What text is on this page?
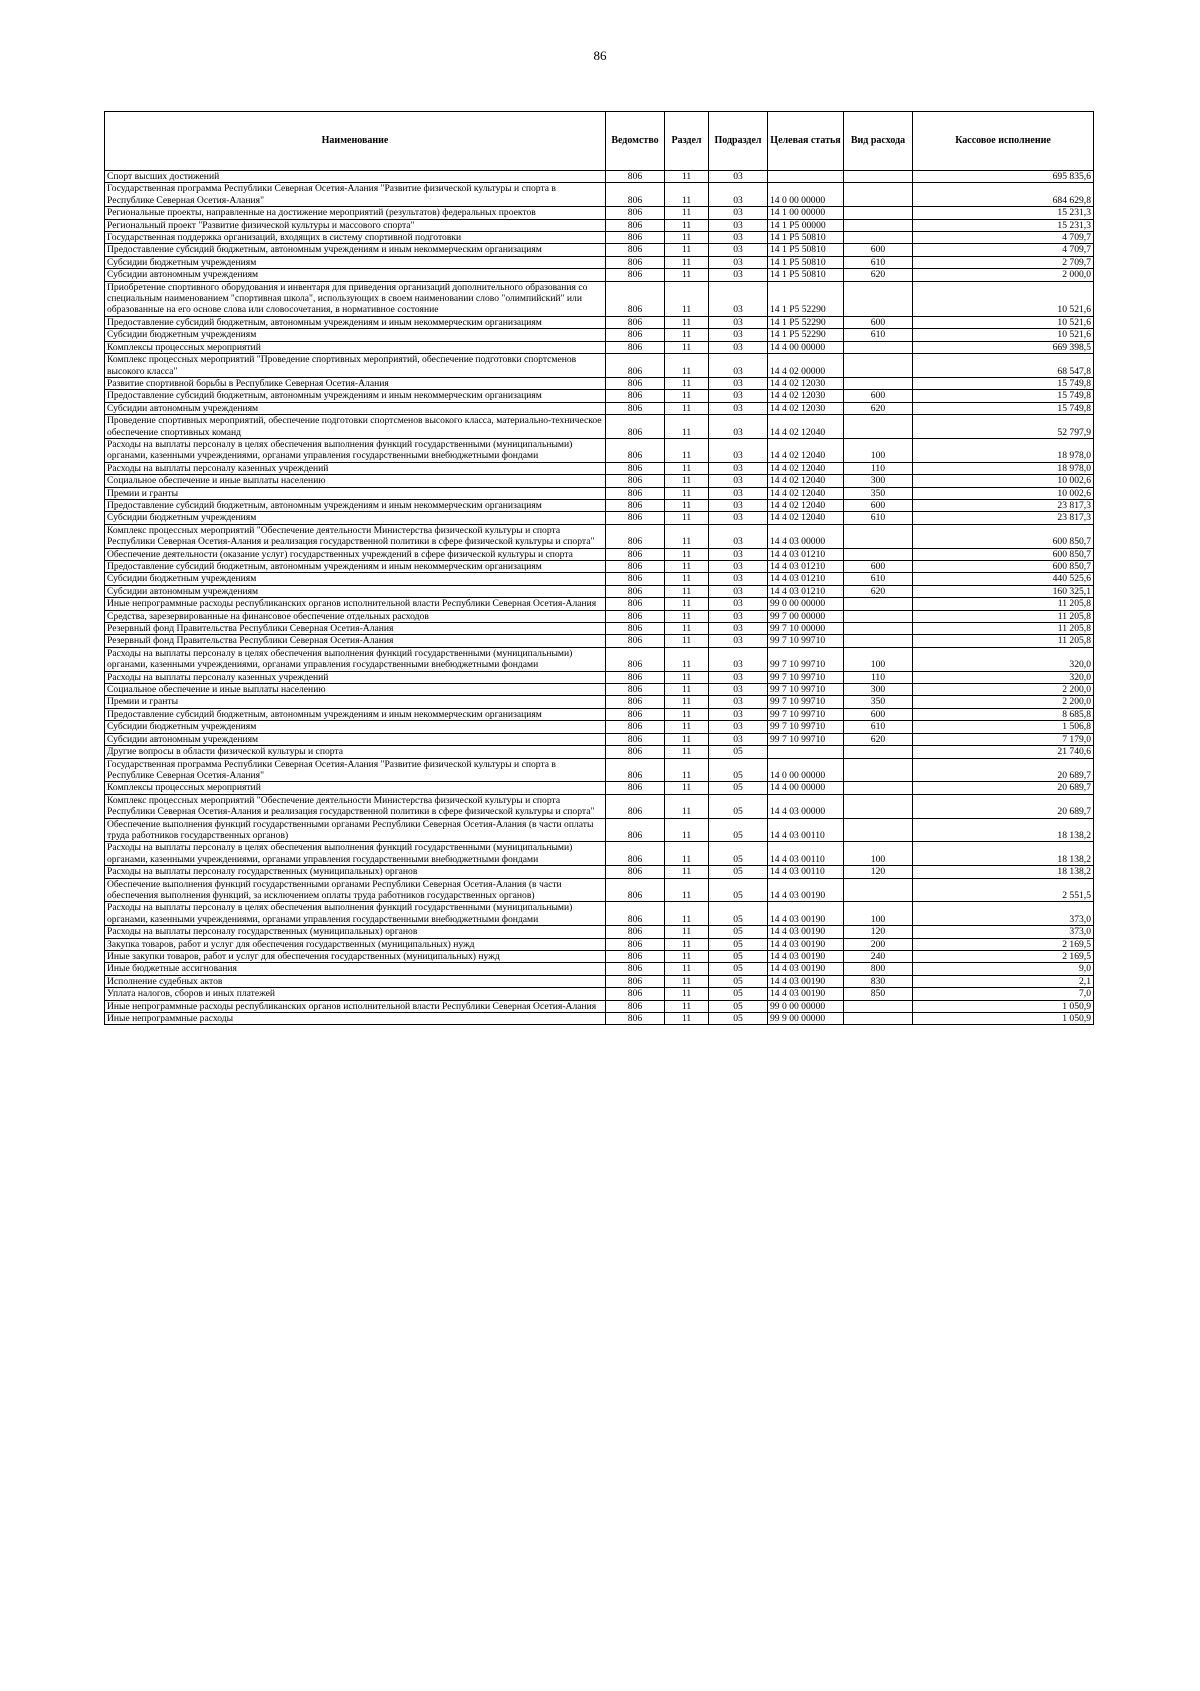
86
Наименование	Ведомство	Раздел	Подраздел	Целевая статья	Вид расхода	Кассовое исполнение
Спорт высших достижений	806	11	03			695 835,6
Государственная программа Республики Северная Осетия-Алания "Развитие физической культуры и спорта в Республике Северная Осетия-Алания"	806	11	03	14 0 00 00000		684 629,8
Региональные проекты, направленные на достижение мероприятий (результатов) федеральных проектов	806	11	03	14 1 00 00000		15 231,3
Региональный проект "Развитие физической культуры и массового спорта"	806	11	03	14 1 P5 00000		15 231,3
Государственная поддержка организаций, входящих в систему спортивной подготовки	806	11	03	14 1 P5 50810		4 709,7
Предоставление субсидий бюджетным, автономным учреждениям и иным некоммерческим организациям	806	11	03	14 1 P5 50810	600	4 709,7
Субсидии бюджетным учреждениям	806	11	03	14 1 P5 50810	610	2 709,7
Субсидии автономным учреждениям	806	11	03	14 1 P5 50810	620	2 000,0
Приобретение спортивного оборудования и инвентаря для приведения организаций дополнительного образования со специальным наименованием "спортивная школа", использующих в своем наименовании слово "олимпийский" или образованные на его основе слова или словосочетания, в нормативное состояние	806	11	03	14 1 P5 52290		10 521,6
Предоставление субсидий бюджетным, автономным учреждениям и иным некоммерческим организациям	806	11	03	14 1 P5 52290	600	10 521,6
Субсидии бюджетным учреждениям	806	11	03	14 1 P5 52290	610	10 521,6
Комплексы процессных мероприятий	806	11	03	14 4 00 00000		669 398,5
Комплекс процессных мероприятий "Проведение спортивных мероприятий, обеспечение подготовки спортсменов высокого класса"	806	11	03	14 4 02 00000		68 547,8
Развитие спортивной борьбы в Республике Северная Осетия-Алания	806	11	03	14 4 02 12030		15 749,8
Предоставление субсидий бюджетным, автономным учреждениям и иным некоммерческим организациям	806	11	03	14 4 02 12030	600	15 749,8
Субсидии автономным учреждениям	806	11	03	14 4 02 12030	620	15 749,8
Проведение спортивных мероприятий, обеспечение подготовки спортсменов высокого класса, материально-техническое обеспечение спортивных команд	806	11	03	14 4 02 12040		52 797,9
Расходы на выплаты персоналу в целях обеспечения выполнения функций государственными (муниципальными) органами, казенными учреждениями, органами управления государственными внебюджетными фондами	806	11	03	14 4 02 12040	100	18 978,0
Расходы на выплаты персоналу казенных учреждений	806	11	03	14 4 02 12040	110	18 978,0
Социальное обеспечение и иные выплаты населению	806	11	03	14 4 02 12040	300	10 002,6
Премии и гранты	806	11	03	14 4 02 12040	350	10 002,6
Предоставление субсидий бюджетным, автономным учреждениям и иным некоммерческим организациям	806	11	03	14 4 02 12040	600	23 817,3
Субсидии бюджетным учреждениям	806	11	03	14 4 02 12040	610	23 817,3
Комплекс процессных мероприятий "Обеспечение деятельности Министерства физической культуры и спорта Республики Северная Осетия-Алания и реализация государственной политики в сфере физической культуры и спорта"	806	11	03	14 4 03 00000		600 850,7
Обеспечение деятельности (оказание услуг) государственных учреждений в сфере физической культуры и спорта	806	11	03	14 4 03 01210		600 850,7
Предоставление субсидий бюджетным, автономным учреждениям и иным некоммерческим организациям	806	11	03	14 4 03 01210	600	600 850,7
Субсидии бюджетным учреждениям	806	11	03	14 4 03 01210	610	440 525,6
Субсидии автономным учреждениям	806	11	03	14 4 03 01210	620	160 325,1
Иные непрограммные расходы республиканских органов исполнительной власти Республики Северная Осетия-Алания	806	11	03	99 0 00 00000		11 205,8
Средства, зарезервированные на финансовое обеспечение отдельных расходов	806	11	03	99 7 00 00000		11 205,8
Резервный фонд Правительства Республики Северная Осетия-Алания	806	11	03	99 7 10 00000		11 205,8
Резервный фонд Правительства Республики Северная Осетия-Алания	806	11	03	99 7 10 99710		11 205,8
Расходы на выплаты персоналу в целях обеспечения выполнения функций государственными (муниципальными) органами, казенными учреждениями, органами управления государственными внебюджетными фондами	806	11	03	99 7 10 99710	100	320,0
Расходы на выплаты персоналу казенных учреждений	806	11	03	99 7 10 99710	110	320,0
Социальное обеспечение и иные выплаты населению	806	11	03	99 7 10 99710	300	2 200,0
Премии и гранты	806	11	03	99 7 10 99710	350	2 200,0
Предоставление субсидий бюджетным, автономным учреждениям и иным некоммерческим организациям	806	11	03	99 7 10 99710	600	8 685,8
Субсидии бюджетным учреждениям	806	11	03	99 7 10 99710	610	1 506,8
Субсидии автономным учреждениям	806	11	03	99 7 10 99710	620	7 179,0
Другие вопросы в области физической культуры и спорта	806	11	05			21 740,6
Государственная программа Республики Северная Осетия-Алания "Развитие физической культуры и спорта в Республике Северная Осетия-Алания"	806	11	05	14 0 00 00000		20 689,7
Комплексы процессных мероприятий	806	11	05	14 4 00 00000		20 689,7
Комплекс процессных мероприятий "Обеспечение деятельности Министерства физической культуры и спорта Республики Северная Осетия-Алания и реализация государственной политики в сфере физической культуры и спорта"	806	11	05	14 4 03 00000		20 689,7
Обеспечение выполнения функций государственными органами Республики Северная Осетия-Алания (в части оплаты труда работников государственных органов)	806	11	05	14 4 03 00110		18 138,2
Расходы на выплаты персоналу в целях обеспечения выполнения функций государственными (муниципальными) органами, казенными учреждениями, органами управления государственными внебюджетными фондами	806	11	05	14 4 03 00110	100	18 138,2
Расходы на выплаты персоналу государственных (муниципальных) органов	806	11	05	14 4 03 00110	120	18 138,2
Обеспечение выполнения функций государственными органами Республики Северная Осетия-Алания (в части обеспечения выполнения функций, за исключением оплаты труда работников государственных органов)	806	11	05	14 4 03 00190		2 551,5
Расходы на выплаты персоналу в целях обеспечения выполнения функций государственными (муниципальными) органами, казенными учреждениями, органами управления государственными внебюджетными фондами	806	11	05	14 4 03 00190	100	373,0
Расходы на выплаты персоналу государственных (муниципальных) органов	806	11	05	14 4 03 00190	120	373,0
Закупка товаров, работ и услуг для обеспечения государственных (муниципальных) нужд	806	11	05	14 4 03 00190	200	2 169,5
Иные закупки товаров, работ и услуг для обеспечения государственных (муниципальных) нужд	806	11	05	14 4 03 00190	240	2 169,5
Иные бюджетные ассигнования	806	11	05	14 4 03 00190	800	9,0
Исполнение судебных актов	806	11	05	14 4 03 00190	830	2,1
Уплата налогов, сборов и иных платежей	806	11	05	14 4 03 00190	850	7,0
Иные непрограммные расходы республиканских органов исполнительной власти Республики Северная Осетия-Алания	806	11	05	99 0 00 00000		1 050,9
Иные непрограммные расходы	806	11	05	99 9 00 00000		1 050,9
